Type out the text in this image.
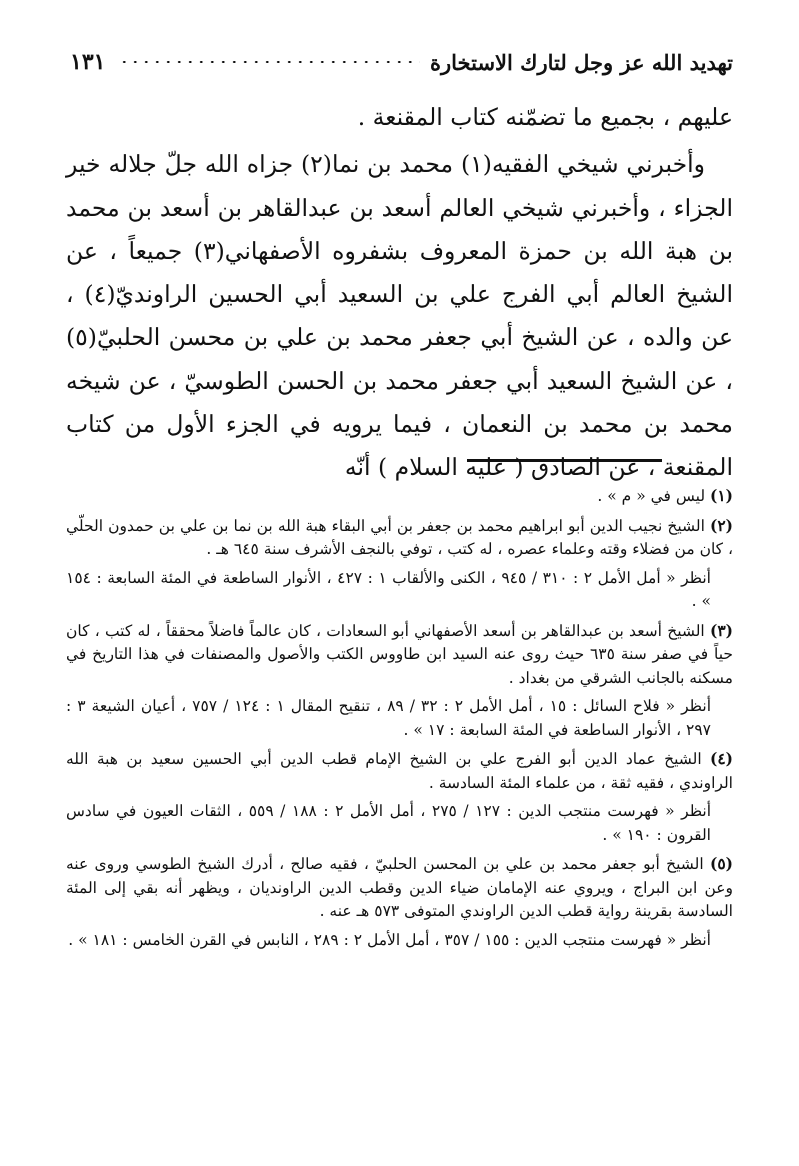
تهديد الله عز وجل لتارك الاستخارة
١٣١

عليهم ، بجميع ما تضمّنه كتاب المقنعة .

وأخبرني شيخي الفقيه(١) محمد بن نما(٢) جزاه الله جلّ جلاله خير الجزاء ، وأخبرني شيخي العالم أسعد بن عبدالقاهر بن أسعد بن محمد بن هبة الله بن حمزة المعروف بشفروه الأصفهاني(٣) جميعاً ، عن الشيخ العالم أبي الفرج علي بن السعيد أبي الحسين الراونديّ(٤) ، عن والده ، عن الشيخ أبي جعفر محمد بن علي بن محسن الحلبيّ(٥) ، عن الشيخ السعيد أبي جعفر محمد بن الحسن الطوسيّ ، عن شيخه محمد بن محمد بن النعمان ، فيما يرويه في الجزء الأول من كتاب المقنعة ، عن الصادق ( عليه السلام ) أنّه

(١) ليس في « م » .

(٢) الشيخ نجيب الدين أبو ابراهيم محمد بن جعفر بن أبي البقاء هبة الله بن نما بن علي بن حمدون الحلّي ، كان من فضلاء وقته وعلماء عصره ، له كتب ، توفي بالنجف الأشرف سنة ٦٤٥ هـ .

أنظر « أمل الأمل ٢ : ٣١٠ / ٩٤٥ ، الكنى والألقاب ١ : ٤٢٧ ، الأنوار الساطعة في المئة السابعة : ١٥٤ » .

(٣) الشيخ أسعد بن عبدالقاهر بن أسعد الأصفهاني أبو السعادات ، كان عالماً فاضلاً محققاً ، له كتب ، كان حياً في صفر سنة ٦٣٥ حيث روى عنه السيد ابن طاووس الكتب والأصول والمصنفات في هذا التاريخ في مسكنه بالجانب الشرقي من بغداد .

أنظر « فلاح السائل : ١٥ ، أمل الأمل ٢ : ٣٢ / ٨٩ ، تنقيح المقال ١ : ١٢٤ / ٧٥٧ ، أعيان الشيعة ٣ : ٢٩٧ ، الأنوار الساطعة في المئة السابعة : ١٧ » .

(٤) الشيخ عماد الدين أبو الفرج علي بن الشيخ الإمام قطب الدين أبي الحسين سعيد بن هبة الله الراوندي ، فقيه ثقة ، من علماء المئة السادسة .

أنظر « فهرست منتجب الدين : ١٢٧ / ٢٧٥ ، أمل الأمل ٢ : ١٨٨ / ٥٥٩ ، الثقات العيون في سادس القرون : ١٩٠ » .

(٥) الشيخ أبو جعفر محمد بن علي بن المحسن الحلبيّ ، فقيه صالح ، أدرك الشيخ الطوسي وروى عنه وعن ابن البراج ، ويروي عنه الإمامان ضياء الدين وقطب الدين الراونديان ، ويظهر أنه بقي إلى المئة السادسة بقرينة رواية قطب الدين الراوندي المتوفى ٥٧٣ هـ عنه .

أنظر « فهرست منتجب الدين : ١٥٥ / ٣٥٧ ، أمل الأمل ٢ : ٢٨٩ ، النابس في القرن الخامس : ١٨١ » .
